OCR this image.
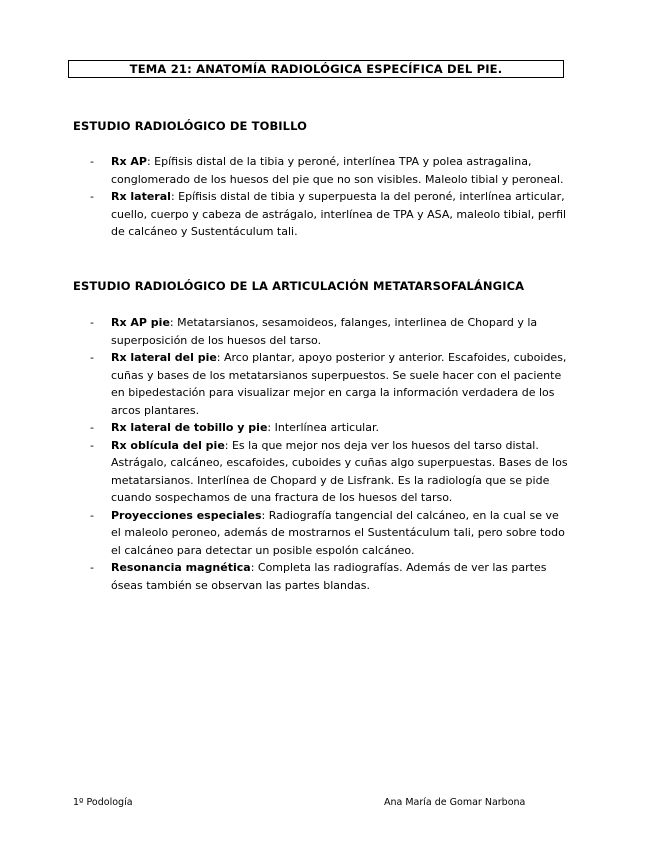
TEMA 21: ANATOMÍA RADIOLÓGICA ESPECÍFICA DEL PIE.
ESTUDIO RADIOLÓGICO DE TOBILLO
- Rx AP: Epífisis distal de la tibia y peroné, interlínea TPA y polea astragalina, conglomerado de los huesos del pie que no son visibles. Maleolo tibial y peroneal.
- Rx lateral: Epífisis distal de tibia y superpuesta la del peroné, interlínea articular, cuello, cuerpo y cabeza de astrágalo, interlínea de TPA y ASA, maleolo tibial, perfil de calcáneo y Sustentáculum tali.
ESTUDIO RADIOLÓGICO DE LA ARTICULACIÓN METATARSOFALÁNGICA
- Rx AP pie: Metatarsianos, sesamoideos, falanges, interlinea de Chopard y la superposición de los huesos del tarso.
- Rx lateral del pie: Arco plantar, apoyo posterior y anterior. Escafoides, cuboides, cuñas y bases de los metatarsianos superpuestos. Se suele hacer con el paciente en bipedestación para visualizar mejor en carga la información verdadera de los arcos plantares.
- Rx lateral de tobillo y pie: Interlínea articular.
- Rx oblícula del pie: Es la que mejor nos deja ver los huesos del tarso distal. Astrágalo, calcáneo, escafoides, cuboides y cuñas algo superpuestas. Bases de los metatarsianos. Interlínea de Chopard y de Lisfrank. Es la radiología que se pide cuando sospechamos de una fractura de los huesos del tarso.
- Proyecciones especiales: Radiografía tangencial del calcáneo, en la cual se ve el maleolo peroneo, además de mostrarnos el Sustentáculum tali, pero sobre todo el calcáneo para detectar un posible espolón calcáneo.
- Resonancia magnética: Completa las radiografías. Además de ver las partes óseas también se observan las partes blandas.
1º Podología	Ana María de Gomar Narbona
